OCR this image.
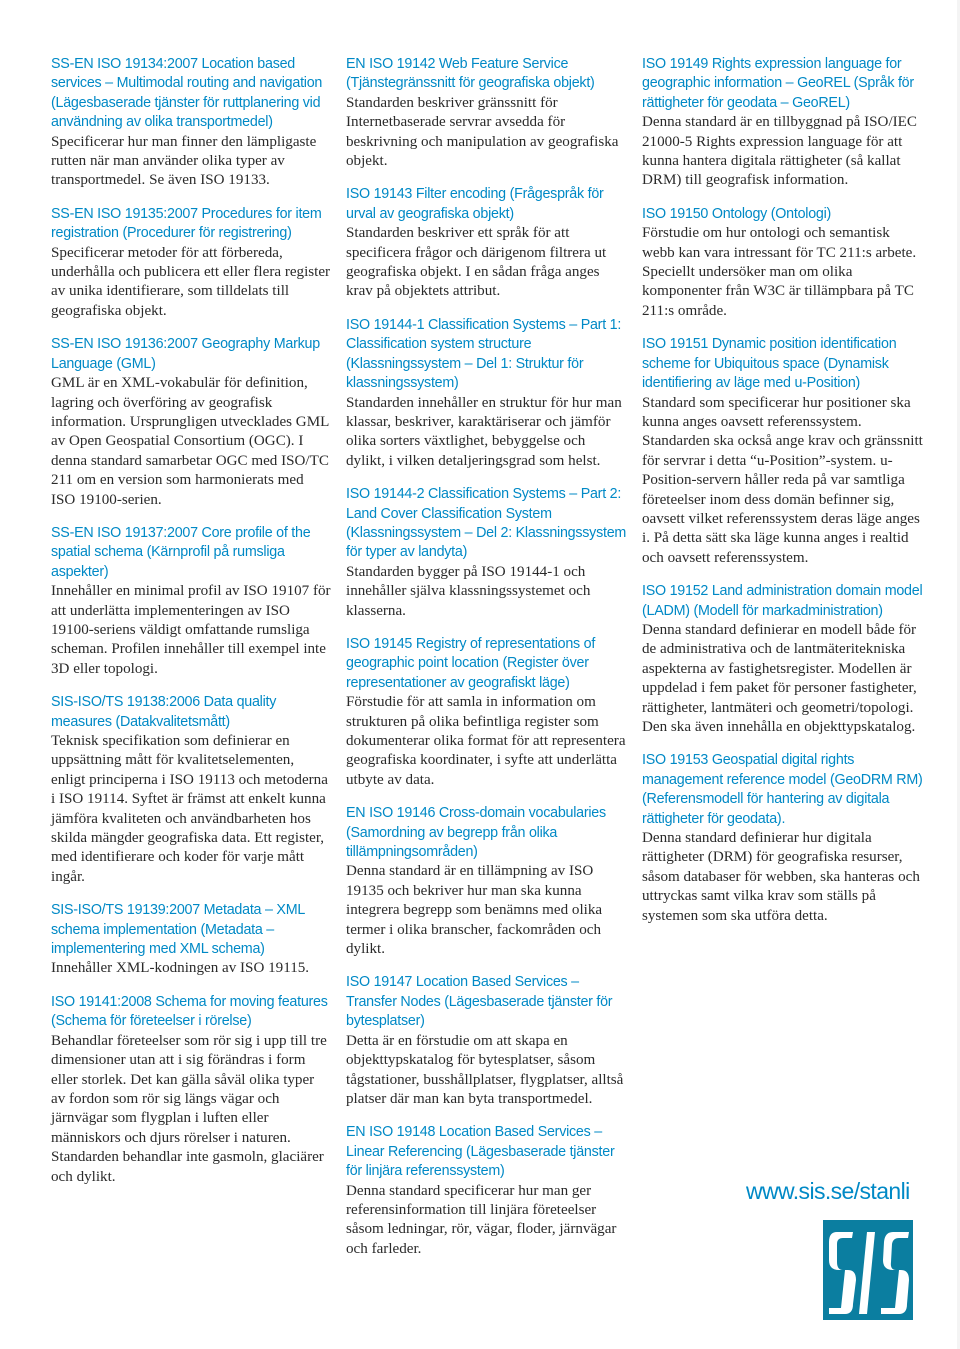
SS-EN ISO 19134:2007 Location based services – Multimodal routing and navigation (Lägesbaserade tjänster för ruttplanering vid användning av olika transportmedel)

Specificerar hur man finner den lämpligaste rutten när man använder olika typer av transportmedel. Se även ISO 19133.

SS-EN ISO 19135:2007 Procedures for item registration (Procedurer för registrering)

Specificerar metoder för att förbereda, underhålla och publicera ett eller flera register av unika identifierare, som tilldelats till geografiska objekt.

SS-EN ISO 19136:2007 Geography Markup Language (GML)

GML är en XML-vokabulär för definition, lagring och överföring av geografisk information. Ursprungligen utvecklades GML av Open Geospatial Consortium (OGC). I denna standard samarbetar OGC med ISO/TC 211 om en version som harmonierats med ISO 19100-serien.

SS-EN ISO 19137:2007 Core profile of the spatial schema (Kärnprofil på rumsliga aspekter)

Innehåller en minimal profil av ISO 19107 för att underlätta implementeringen av ISO 19100-seriens väldigt omfattande rumsliga scheman. Profilen innehåller till exempel inte 3D eller topologi.

SIS-ISO/TS 19138:2006 Data quality measures (Datakvalitetsmått)

Teknisk specifikation som definierar en uppsättning mått för kvalitetselementen, enligt principerna i ISO 19113 och metoderna i ISO 19114. Syftet är främst att enkelt kunna jämföra kvaliteten och användbarheten hos skilda mängder geografiska data. Ett register, med identifierare och koder för varje mått ingår.

SIS-ISO/TS 19139:2007 Metadata – XML schema implementation (Metadata – implementering med XML schema)

Innehåller XML-kodningen av ISO 19115.

ISO 19141:2008 Schema for moving features (Schema för företeelser i rörelse)

Behandlar företeelser som rör sig i upp till tre dimensioner utan att i sig förändras i form eller storlek. Det kan gälla såväl olika typer av fordon som rör sig längs vägar och järnvägar som flygplan i luften eller människors och djurs rörelser i naturen. Standarden behandlar inte gasmoln, glaciärer och dylikt.

EN ISO 19142 Web Feature Service (Tjänstegränssnitt för geografiska objekt)

Standarden beskriver gränssnitt för Internetbaserade servrar avsedda för beskrivning och manipulation av geografiska objekt.

ISO 19143 Filter encoding (Frågespråk för urval av geografiska objekt)

Standarden beskriver ett språk för att specificera frågor och därigenom filtrera ut geografiska objekt. I en sådan fråga anges krav på objektets attribut.

ISO 19144-1 Classification Systems – Part 1: Classification system structure (Klassningssystem – Del 1: Struktur för klassningssystem)

Standarden innehåller en struktur för hur man klassar, beskriver, karaktäriserar och jämför olika sorters växtlighet, bebyggelse och dylikt, i vilken detaljeringsgrad som helst.

ISO 19144-2 Classification Systems – Part 2: Land Cover Classification System (Klassningssystem – Del 2: Klassningssystem för typer av landyta)

Standarden bygger på ISO 19144-1 och innehåller själva klassningssystemet och klasserna.

ISO 19145 Registry of representations of geographic point location (Register över representationer av geografiskt läge)

Förstudie för att samla in information om strukturen på olika befintliga register som dokumenterar olika format för att representera geografiska koordinater, i syfte att underlätta utbyte av data.

EN ISO 19146 Cross-domain vocabularies (Samordning av begrepp från olika tillämpningsområden)

Denna standard är en tillämpning av ISO 19135 och bekriver hur man ska kunna integrera begrepp som benämns med olika termer i olika branscher, fackområden och dylikt.

ISO 19147 Location Based Services – Transfer Nodes (Lägesbaserade tjänster för bytesplatser)

Detta är en förstudie om att skapa en objekttypskatalog för bytesplatser, såsom tågstationer, busshållplatser, flygplatser, alltså platser där man kan byta transportmedel.

EN ISO 19148 Location Based Services – Linear Referencing (Lägesbaserade tjänster för linjära referenssystem)

Denna standard specificerar hur man ger referensinformation till linjära företeelser såsom ledningar, rör, vägar, floder, järnvägar och farleder.

ISO 19149 Rights expression language for geographic information – GeoREL (Språk för rättigheter för geodata – GeoREL)

Denna standard är en tillbyggnad på ISO/IEC 21000-5 Rights expression language för att kunna hantera digitala rättigheter (så kallat DRM) till geografisk information.

ISO 19150 Ontology (Ontologi)

Förstudie om hur ontologi och semantisk webb kan vara intressant för TC 211:s arbete. Speciellt undersöker man om olika komponenter från W3C är tillämpbara på TC 211:s område.

ISO 19151 Dynamic position identification scheme for Ubiquitous space (Dynamisk identifiering av läge med u-Position)

Standard som specificerar hur positioner ska kunna anges oavsett referenssystem. Standarden ska också ange krav och gränssnitt för servrar i detta “u-Position”-system. u-Position-servern håller reda på var samtliga företeelser inom dess domän befinner sig, oavsett vilket referenssystem deras läge anges i. På detta sätt ska läge kunna anges i realtid och oavsett referenssystem.

ISO 19152 Land administration domain model (LADM) (Modell för markadministration)

Denna standard definierar en modell både för de administrativa och de lantmäteritekniska aspekterna av fastighetsregister. Modellen är uppdelad i fem paket för personer fastigheter, rättigheter, lantmäteri och geometri/topologi. Den ska även innehålla en objekttypskatalog.

ISO 19153 Geospatial digital rights management reference model (GeoDRM RM) (Referensmodell för hantering av digitala rättigheter för geodata).

Denna standard definierar hur digitala rättigheter (DRM) för geografiska resurser, såsom databaser för webben, ska hanteras och uttryckas samt vilka krav som ställs på systemen som ska utföra detta.

www.sis.se/stanli
